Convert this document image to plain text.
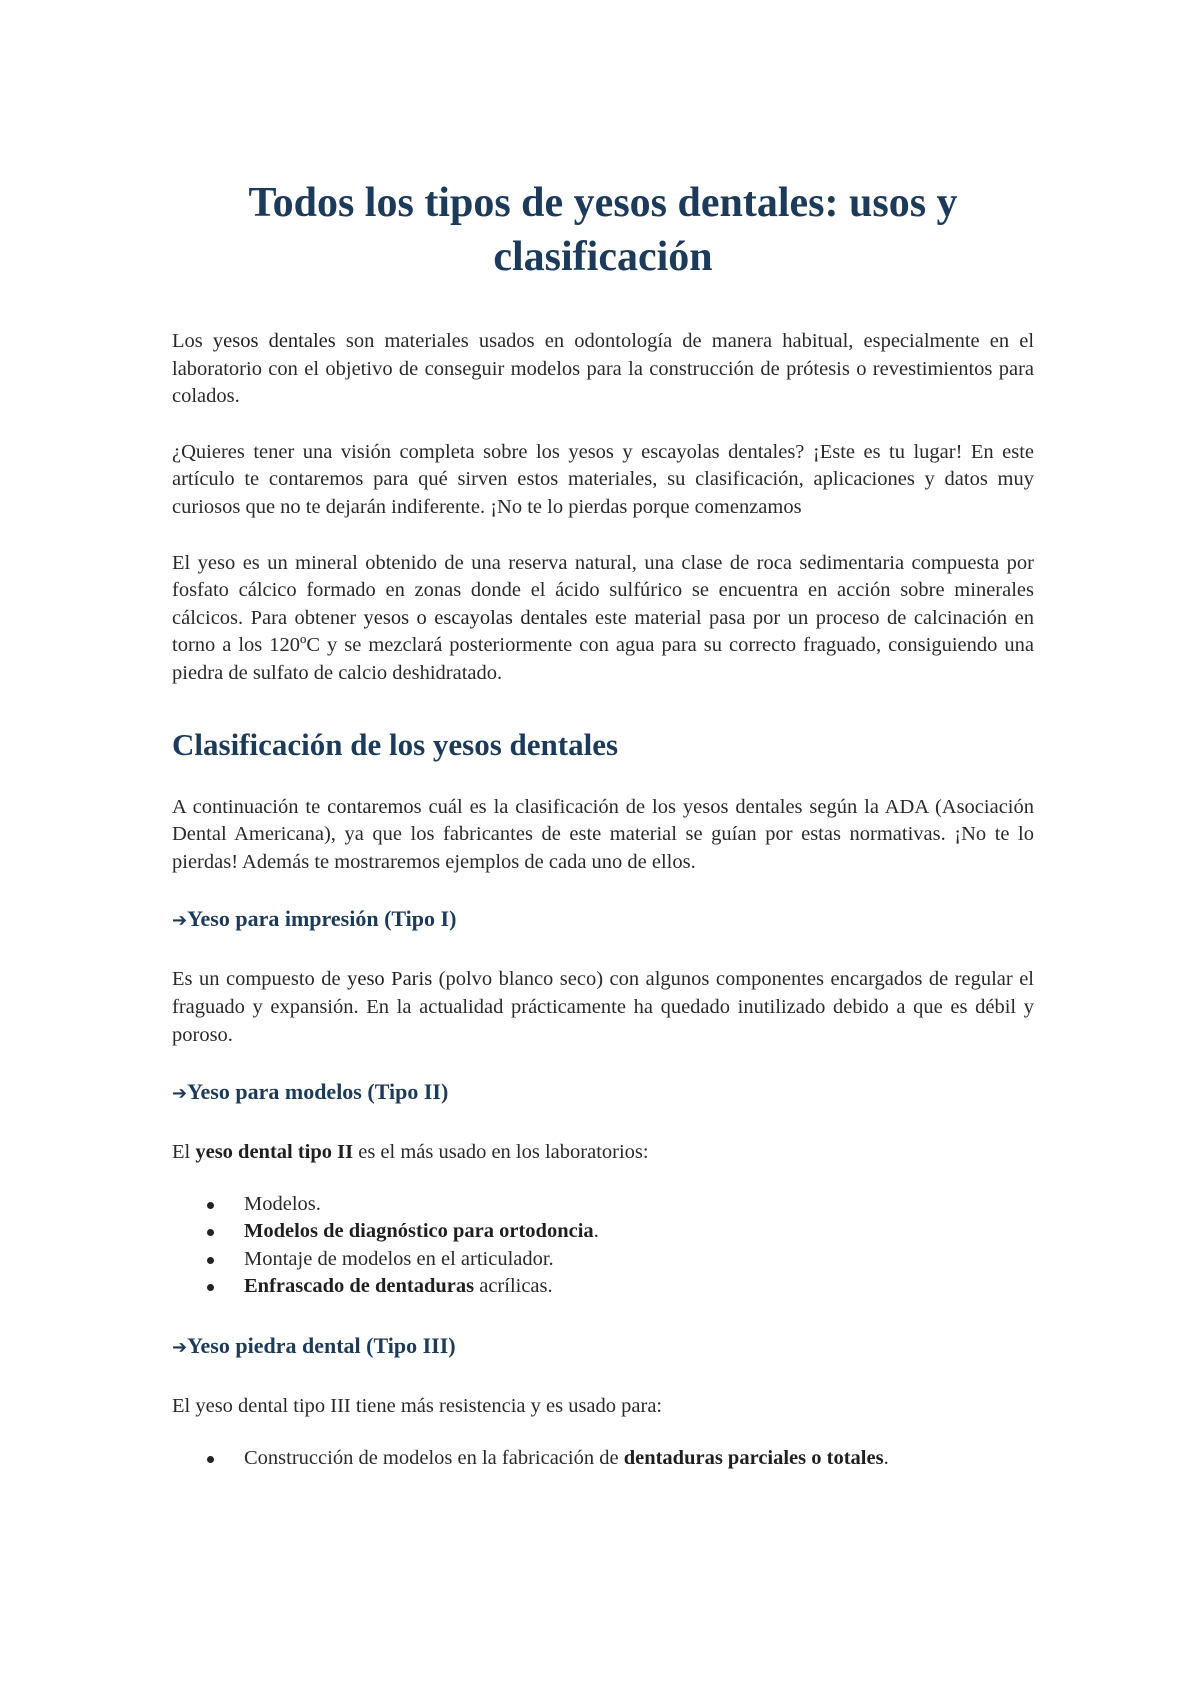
Todos los tipos de yesos dentales: usos y clasificación

Los yesos dentales son materiales usados en odontología de manera habitual, especialmente en el laboratorio con el objetivo de conseguir modelos para la construcción de prótesis o revestimientos para colados.

¿Quieres tener una visión completa sobre los yesos y escayolas dentales? ¡Este es tu lugar! En este artículo te contaremos para qué sirven estos materiales, su clasificación, aplicaciones y datos muy curiosos que no te dejarán indiferente. ¡No te lo pierdas porque comenzamos

El yeso es un mineral obtenido de una reserva natural, una clase de roca sedimentaria compuesta por fosfato cálcico formado en zonas donde el ácido sulfúrico se encuentra en acción sobre minerales cálcicos. Para obtener yesos o escayolas dentales este material pasa por un proceso de calcinación en torno a los 120ºC y se mezclará posteriormente con agua para su correcto fraguado, consiguiendo una piedra de sulfato de calcio deshidratado.

Clasificación de los yesos dentales

A continuación te contaremos cuál es la clasificación de los yesos dentales según la ADA (Asociación Dental Americana), ya que los fabricantes de este material se guían por estas normativas. ¡No te lo pierdas! Además te mostraremos ejemplos de cada uno de ellos.

➔Yeso para impresión (Tipo I)

Es un compuesto de yeso Paris (polvo blanco seco) con algunos componentes encargados de regular el fraguado y expansión. En la actualidad prácticamente ha quedado inutilizado debido a que es débil y poroso.

➔Yeso para modelos (Tipo II)

El yeso dental tipo II es el más usado en los laboratorios:

Modelos.
Modelos de diagnóstico para ortodoncia.
Montaje de modelos en el articulador.
Enfrascado de dentaduras acrílicas.
➔Yeso piedra dental (Tipo III)

El yeso dental tipo III tiene más resistencia y es usado para:

Construcción de modelos en la fabricación de dentaduras parciales o totales.
